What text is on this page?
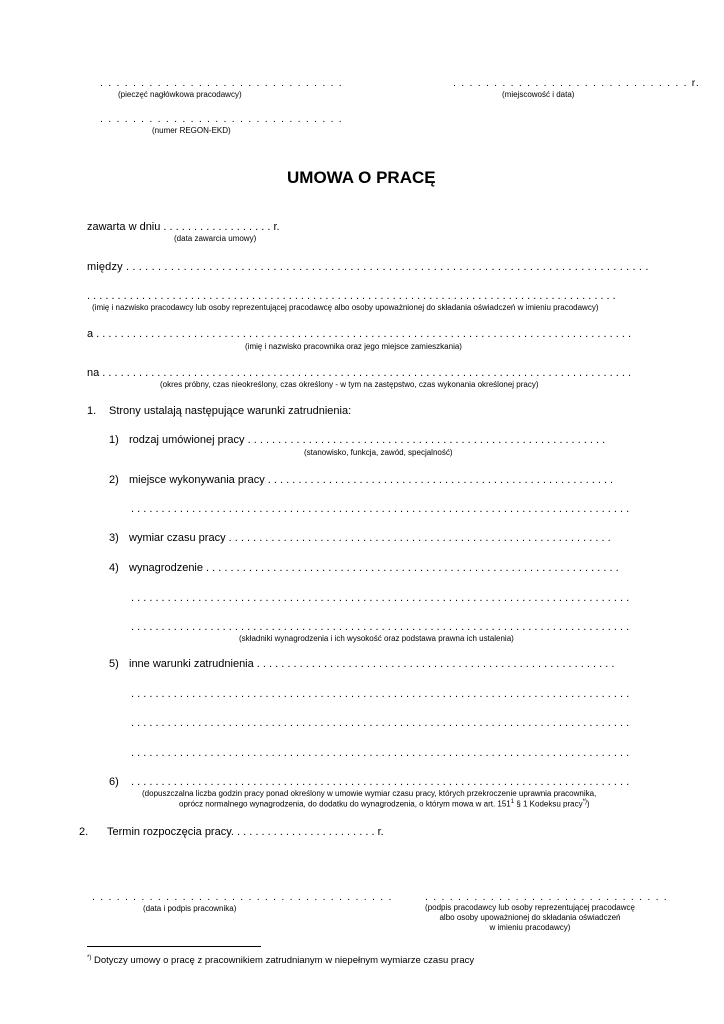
. . . . . . . . . . . . . . . . . . . . . . . . . . . . . .
(pieczęć nagłówkowa pracodawcy)
. . . . . . . . . . . . . . . . . . . . . . . . . . . . . r.
(miejscowość i data)
. . . . . . . . . . . . . . . . . . . . . . . . . . . . . .
(numer REGON-EKD)
UMOWA O PRACĘ
zawarta w dniu . . . . . . . . . . . . . . . . . . r.
(data zawarcia umowy)
między . . . . . . . . . . . . . . . . . . . . . . . . . . . . . . . . . . . . . . . . . . . . . . . . . . . . . . . . . . . . . . . . . . . . . . . . . . . . . . . . . .
. . . . . . . . . . . . . . . . . . . . . . . . . . . . . . . . . . . . . . . . . . . . . . . . . . . . . . . . . . . . . . . . . . . . . . . . . . . . . . . . . . . . . . .
(imię i nazwisko pracodawcy lub osoby reprezentującej pracodawcę albo osoby upoważnionej do składania oświadczeń w imieniu pracodawcy)
a . . . . . . . . . . . . . . . . . . . . . . . . . . . . . . . . . . . . . . . . . . . . . . . . . . . . . . . . . . . . . . . . . . . . . . . . . . . . . . . . . . . . . . . .
(imię i nazwisko pracownika oraz jego miejsce zamieszkania)
na . . . . . . . . . . . . . . . . . . . . . . . . . . . . . . . . . . . . . . . . . . . . . . . . . . . . . . . . . . . . . . . . . . . . . . . . . . . . . . . . . . . . . . .
(okres próbny, czas nieokreślony, czas określony - w tym na zastępstwo, czas wykonania określonej pracy)
1. Strony ustalają następujące warunki zatrudnienia:
1) rodzaj umówionej pracy . . . . . . . . . . . . . . . . . . . . . . . . . . . . . . . . . . . . . . . . . . . . . . . . . . . . . . . . . . .
(stanowisko, funkcja, zawód, specjalność)
2) miejsce wykonywania pracy . . . . . . . . . . . . . . . . . . . . . . . . . . . . . . . . . . . . . . . . . . . . . . . . . . . . . . . . .
. . . . . . . . . . . . . . . . . . . . . . . . . . . . . . . . . . . . . . . . . . . . . . . . . . . . . . . . . . . . . . . . . . . . . . . . . . . . . . . . . .
3) wymiar czasu pracy . . . . . . . . . . . . . . . . . . . . . . . . . . . . . . . . . . . . . . . . . . . . . . . . . . . . . . . . . . . . . . .
4) wynagrodzenie . . . . . . . . . . . . . . . . . . . . . . . . . . . . . . . . . . . . . . . . . . . . . . . . . . . . . . . . . . . . . . . . . . . .
. . . . . . . . . . . . . . . . . . . . . . . . . . . . . . . . . . . . . . . . . . . . . . . . . . . . . . . . . . . . . . . . . . . . . . . . . . . . . . . . . .
. . . . . . . . . . . . . . . . . . . . . . . . . . . . . . . . . . . . . . . . . . . . . . . . . . . . . . . . . . . . . . . . . . . . . . . . . . . . . . . . . .
(składniki wynagrodzenia i ich wysokość oraz podstawa prawna ich ustalenia)
5) inne warunki zatrudnienia . . . . . . . . . . . . . . . . . . . . . . . . . . . . . . . . . . . . . . . . . . . . . . . . . . . . . . . . . . .
. . . . . . . . . . . . . . . . . . . . . . . . . . . . . . . . . . . . . . . . . . . . . . . . . . . . . . . . . . . . . . . . . . . . . . . . . . . . . . . . . .
. . . . . . . . . . . . . . . . . . . . . . . . . . . . . . . . . . . . . . . . . . . . . . . . . . . . . . . . . . . . . . . . . . . . . . . . . . . . . . . . . .
. . . . . . . . . . . . . . . . . . . . . . . . . . . . . . . . . . . . . . . . . . . . . . . . . . . . . . . . . . . . . . . . . . . . . . . . . . . . . . . . . .
6) . . . . . . . . . . . . . . . . . . . . . . . . . . . . . . . . . . . . . . . . . . . . . . . . . . . . . . . . . . . . . . . . . . . . . . . . . . . . . . . . . .
(dopuszczalna liczba godzin pracy ponad określony w umowie wymiar czasu pracy, których przekroczenie uprawnia pracownika,
oprócz normalnego wynagrodzenia, do dodatku do wynagrodzenia, o którym mowa w art. $151^1$ § 1 Kodeksu pracy*))
2. Termin rozpoczęcia pracy. . . . . . . . . . . . . . . . . . . . . . . . r.
. . . . . . . . . . . . . . . . . . . . . . . . . . . . . . . . . . . . .
(data i podpis pracownika)
. . . . . . . . . . . . . . . . . . . . . . . . . . . . . .
(podpis pracodawcy lub osoby reprezentującej pracodawcę
albo osoby upoważnionej do składania oświadczeń
w imieniu pracodawcy)
*) Dotyczy umowy o pracę z pracownikiem zatrudnianym w niepełnym wymiarze czasu pracy
